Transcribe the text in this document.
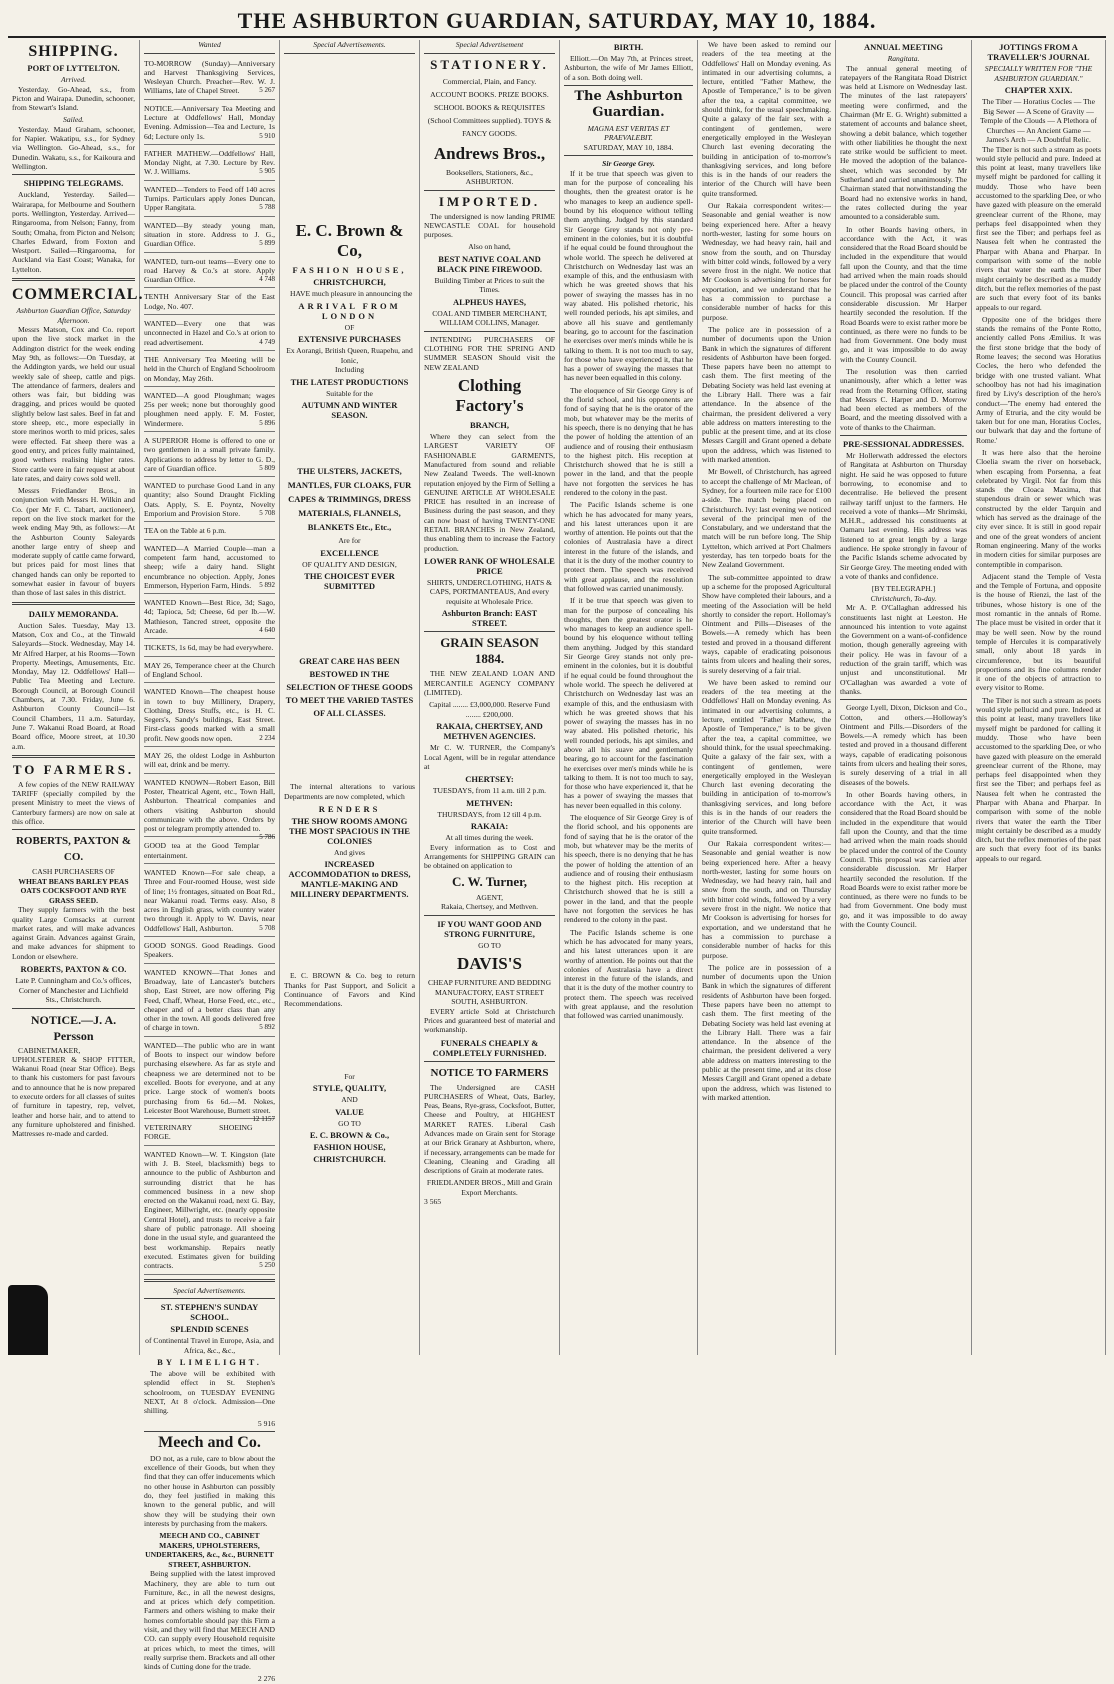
THE ASHBURTON GUARDIAN, SATURDAY, MAY 10, 1884.
SHIPPING.
PORT OF LYTTELTON.
Arrived.

Yesterday. Go-Ahead, s.s., from Picton and Wairapa. Dunedin, schooner, from Stewart's Island.

Sailed.

Yesterday. Maud Graham, schooner, for Napier. Wakatipu, s.s., for Sydney via Wellington. Go-Ahead, s.s., for Dunedin. Wakatu, s.s., for Kaikoura and Wellington.

SHIPPING TELEGRAMS.

Auckland, Yesterday. Sailed—Wairarapa, for Melbourne and Southern ports. Wellington, Yesterday. Arrived—Ringarooma, from Nelson; Fanny, from South; Omaha, from Picton and Nelson; Charles Edward, from Foxton and Westport. Sailed—Ringarooma, for Auckland via East Coast; Wanaka, for Lyttelton.

COMMERCIAL.
Ashburton Guardian Office, Saturday Afternoon.

Messrs Matson, Cox and Co. report upon the live stock market in the Addington district for the week ending May 9th, as follows:—On Tuesday, at the Addington yards, we held our usual weekly sale of sheep, cattle and pigs. The attendance of farmers, dealers and others was fair, but bidding was dragging, and prices would be quoted slightly below last sales. Beef in fat and store sheep, etc., more especially in store merinos worth to mid prices, sales were effected. Fat sheep there was a good entry, and prices fully maintained, good wethers realising higher rates. Store cattle were in fair request at about late rates, and dairy cows sold well.

Messrs Friedlander Bros., in conjunction with Messrs H. Wilkin and Co. (per Mr F. C. Tabart, auctioneer), report on the live stock market for the week ending May 9th, as follows:—At the Ashburton County Saleyards another large entry of sheep and moderate supply of cattle came forward, but prices paid for most lines that changed hands can only be reported to somewhat easier in favour of buyers than those of last sales in this district.

DAILY MEMORANDA.

Auction Sales. Tuesday, May 13. Matson, Cox and Co., at the Tinwald Saleyards—Stock. Wednesday, May 14. Mr Alfred Harper, at his Rooms—Town Property. Meetings, Amusements, Etc. Monday, May 12. Oddfellows' Hall—Public Tea Meeting and Lecture. Borough Council, at Borough Council Chambers, at 7.30. Friday, June 6. Ashburton County Council—1st Council Chambers, 11 a.m. Saturday, June 7. Wakanui Road Board, at Road Board office, Moore street, at 10.30 a.m.

TO FARMERS.

A few copies of the NEW RAILWAY TARIFF (specially compiled by the present Ministry to meet the views of Canterbury farmers) are now on sale at this office.

ROBERTS, PAXTON & CO.
CASH PURCHASERS OF
WHEAT BEANS BARLEY PEAS OATS COCKSFOOT AND RYE GRASS SEED.

They supply farmers with the best quality Large Cornsacks at current market rates, and will make advances against Grain. Advances against Grain, and make advances for shipment to London or elsewhere.

ROBERTS, PAXTON & CO.
Late P. Cunningham and Co.'s offices, Corner of Manchester and Lichfield Sts., Christchurch.
NOTICE.—J. A. Persson

CABINETMAKER, UPHOLSTERER & SHOP FITTER, Wakanui Road (near Star Office). Begs to thank his customers for past favours and to announce that he is now prepared to execute orders for all classes of suites of furniture in tapestry, rep, velvet, leather and horse hair, and to attend to any furniture upholstered and finished. Mattresses re-made and carded.

Wanted
TO-MORROW (Sunday)—Anniversary and Harvest Thanksgiving Services, Wesleyan Church. Preacher—Rev. W. J. Williams, late of Chapel Street.	5 267
NOTICE.—Anniversary Tea Meeting and Lecture at Oddfellows' Hall, Monday Evening. Admission—Tea and Lecture, 1s 6d; Lecture only 1s.	5 910
FATHER MATHEW.—Oddfellows' Hall, Monday Night, at 7.30. Lecture by Rev. W. J. Williams.	5 905
WANTED—Tenders to Feed off 140 acres Turnips. Particulars apply Jones Duncan, Upper Rangitata.	5 788
WANTED—By steady young man, situation in store. Address to J. G., Guardian Office.	5 899
WANTED, turn-out teams—Every one to road Harvey & Co.'s at store. Apply Guardian Office.	4 748
TENTH Anniversary Star of the East Lodge, No. 407.
WANTED—Every one that was unconnected in Hazel and Co.'s at orion to read advertisement.	4 749
THE Anniversary Tea Meeting will be held in the Church of England Schoolroom on Monday, May 26th.
WANTED—A good Ploughman; wages 25s per week; none but thoroughly good ploughmen need apply. F. M. Foster, Windermere.	5 896
A SUPERIOR Home is offered to one or two gentlemen in a small private family. Applications to address by letter to G. D., care of Guardian office.	5 809
WANTED to purchase Good Land in any quantity; also Sound Draught Fickling Oats. Apply, S. E. Poyntz, Novelty Emporium and Provision Store.	5 708
TEA on the Table at 6 p.m.
WANTED—A Married Couple—man a competent farm hand, accustomed to sheep; wife a dairy hand. Slight encumbrance no objection. Apply, Jones Emmerson, Hyperion Farm, Hinds. 5 892
WANTED Known—Best Rice, 3d; Sago, 4d; Tapioca, 5d; Cheese, 6d per lb.—W. Mathieson, Tancred street, opposite the Arcade.	4 640
TICKETS, 1s 6d, may be had everywhere.
MAY 26, Temperance cheer at the Church of England School.
WANTED Known—The cheapest house in town to buy Millinery, Drapery, Clothing, Dress Stuffs, etc., is H. C. Segers's, Sandy's buildings, East Street. First-class goods marked with a small profit. New goods now open.	2 234
MAY 26, the oldest Lodge in Ashburton will eat, drink and be merry.
WANTED KNOWN—Robert Eason, Bill Poster, Theatrical Agent, etc., Town Hall, Ashburton. Theatrical companies and others visiting Ashburton should communicate with the above. Orders by post or telegram promptly attended to.
5 786
GOOD tea at the Good Templar entertainment.
WANTED Known—For sale cheap, a Three and Four-roomed House, west side of line; 1½ frontages, situated on Boat Rd., near Wakanui road. Terms easy. Also, 8 acres in English grass, with country water two through it. Apply to W. Davis, near Oddfellows' Hall, Ashburton.	5 708
GOOD SONGS. Good Readings. Good Speakers.
WANTED KNOWN—That Jones and Broadway, late of Lancaster's butchers shop, East Street, are now offering Pig Feed, Chaff, Wheat, Horse Feed, etc., etc., cheaper and of a better class than any other in the town. All goods delivered free of charge in town.	5 892
WANTED—The public who are in want of Boots to inspect our window before purchasing elsewhere. As far as style and cheapness we are determined not to be excelled. Boots for everyone, and at any price. Large stock of women's boots purchasing from 6s 6d.—M. Nokes, Leicester Boot Warehouse, Burnett street.
12 1157
VETERINARY SHOEING FORGE.
WANTED Known—W. T. Kingston (late with J. B. Steel, blacksmith) begs to announce to the public of Ashburton and surrounding district that he has commenced business in a new shop erected on the Wakanui road, next G. Bay, Engineer, Millwright, etc. (nearly opposite Central Hotel), and trusts to receive a fair share of public patronage. All shoeing done in the usual style, and guaranteed the best workmanship. Repairs neatly executed. Estimates given for building contracts.	5 250
Special Advertisements.
ST. STEPHEN'S SUNDAY SCHOOL.
SPLENDID SCENES
of Continental Travel in Europe, Asia, and Africa, &c., &c.,
BY LIMELIGHT.

The above will be exhibited with splendid effect in St. Stephen's schoolroom, on TUESDAY EVENING NEXT, At 8 o'clock. Admission—One shilling.

5 916
Meech and Co.

DO not, as a rule, care to blow about the excellence of their Goods, but when they find that they can offer inducements which no other house in Ashburton can possibly do, they feel justified in making this known to the general public, and will show they will be studying their own interests by purchasing from the makers.

MEECH AND CO., CABINET MAKERS, UPHOLSTERERS, UNDERTAKERS, &c., &c., BURNETT STREET, ASHBURTON.

Being supplied with the latest improved Machinery, they are able to turn out Furniture, &c., in all the newest designs, and at prices which defy competition. Farmers and others wishing to make their homes comfortable should pay this Firm a visit, and they will find that MEECH AND CO. can supply every Household requisite at prices which, to meet the times, will really surprise them. Brackets and all other kinds of Cutting done for the trade.

2 276
Special Advertisements.
E. C. Brown & Co,
FASHION HOUSE,
CHRISTCHURCH,

HAVE much pleasure in announcing the

ARRIVAL FROM LONDON
OF
EXTENSIVE PURCHASES
Ex Aorangi, British Queen, Ruapehu, and Ionic,
Including
THE LATEST PRODUCTIONS
Suitable for the
AUTUMN AND WINTER SEASON.
THE ULSTERS, JACKETS, MANTLES, FUR CLOAKS, FUR CAPES & TRIMMINGS, DRESS MATERIALS, FLANNELS, BLANKETS Etc., Etc.,
Are for
EXCELLENCE
OF QUALITY AND DESIGN,
THE CHOICEST EVER SUBMITTED
GREAT CARE HAS BEEN BESTOWED IN THE SELECTION OF THESE GOODS TO MEET THE VARIED TASTES OF ALL CLASSES.

The internal alterations to various Departments are now completed, which

RENDERS
THE SHOW ROOMS AMONG THE MOST SPACIOUS IN THE COLONIES
And gives
INCREASED ACCOMMODATION to DRESS, MANTLE-MAKING AND MILLINERY DEPARTMENTS.

E. C. BROWN & Co. beg to return Thanks for Past Support, and Solicit a Continuance of Favors and Kind Recommendations.

For
STYLE, QUALITY,
AND
VALUE
GO TO
E. C. BROWN & Co.,
FASHION HOUSE,
CHRISTCHURCH.
Special Advertisement
STATIONERY.
Commercial, Plain, and Fancy. ACCOUNT BOOKS. PRIZE BOOKS. SCHOOL BOOKS & REQUISITES (School Committees supplied). TOYS & FANCY GOODS.
Andrews Bros.,
Booksellers, Stationers, &c., ASHBURTON.
IMPORTED.

The undersigned is now landing PRIME NEWCASTLE COAL for household purposes.

Also on hand,
BEST NATIVE COAL AND BLACK PINE FIREWOOD.
Building Timber at Prices to suit the Times.
ALPHEUS HAYES,
COAL AND TIMBER MERCHANT, WILLIAM COLLINS, Manager.

INTENDING PURCHASERS OF CLOTHING FOR THE SPRING AND SUMMER SEASON Should visit the NEW ZEALAND

Clothing Factory's
BRANCH,

Where they can select from the LARGEST VARIETY OF FASHIONABLE GARMENTS, Manufactured from sound and reliable New Zealand Tweeds. The well-known reputation enjoyed by the Firm of Selling a GENUINE ARTICLE AT WHOLESALE PRICE has resulted in an increase of Business during the past season, and they can now boast of having TWENTY-ONE RETAIL BRANCHES in New Zealand, thus enabling them to increase the Factory production.

LOWER RANK OF WHOLESALE PRICE
SHIRTS, UNDERCLOTHING, HATS & CAPS, PORTMANTEAUS, And every requisite at Wholesale Price.
Ashburton Branch: EAST STREET.
GRAIN SEASON 1884.

THE NEW ZEALAND LOAN AND MERCANTILE AGENCY COMPANY (LIMITED).

Capital ........ £3,000,000. Reserve Fund ........ £200,000.
RAKAIA, CHERTSEY, AND METHVEN AGENCIES.

Mr C. W. TURNER, the Company's Local Agent, will be in regular attendance at

CHERTSEY:
TUESDAYS, from 11 a.m. till 2 p.m.
METHVEN:
THURSDAYS, from 12 till 4 p.m.
RAKAIA:
At all times during the week.

Every information as to Cost and Arrangements for SHIPPING GRAIN can be obtained on application to

C. W. Turner,
AGENT,
Rakaia, Chertsey, and Methven.
IF YOU WANT GOOD AND STRONG FURNITURE,
GO TO
DAVIS'S
CHEAP FURNITURE AND BEDDING MANUFACTORY, EAST STREET SOUTH, ASHBURTON.

EVERY article Sold at Christchurch Prices and guaranteed best of material and workmanship.

FUNERALS CHEAPLY & COMPLETELY FURNISHED.
NOTICE TO FARMERS

The Undersigned are CASH PURCHASERS of Wheat, Oats, Barley, Peas, Beans, Rye-grass, Cocksfoot, Butter, Cheese and Poultry, at HIGHEST MARKET RATES. Liberal Cash Advances made on Grain sent for Storage at our Brick Granary at Ashburton, where, if necessary, arrangements can be made for Cleaning, Cleaning and Grading all descriptions of Grain at moderate rates.

FRIEDLANDER BROS., Mill and Grain Export Merchants.
3 565
BIRTH.

Elliott.—On May 7th, at Princes street, Ashburton, the wife of Mr James Elliott, of a son. Both doing well.

The Ashburton Guardian.
MAGNA EST VERITAS ET PRAEVALEBIT.
SATURDAY, MAY 10, 1884.
Sir George Grey.

If it be true that speech was given to man for the purpose of concealing his thoughts, then the greatest orator is he who manages to keep an audience spell-bound by his eloquence without telling them anything. Judged by this standard Sir George Grey stands not only pre-eminent in the colonies, but it is doubtful if he equal could be found throughout the whole world. The speech he delivered at Christchurch on Wednesday last was an example of this, and the enthusiasm with which he was greeted shows that his power of swaying the masses has in no way abated. His polished rhetoric, his well rounded periods, his apt similes, and above all his suave and gentlemanly bearing, go to account for the fascination he exercises over men's minds while he is talking to them. It is not too much to say, for those who have experienced it, that he has a power of swaying the masses that has never been equalled in this colony.

The eloquence of Sir George Grey is of the florid school, and his opponents are fond of saying that he is the orator of the mob, but whatever may be the merits of his speech, there is no denying that he has the power of holding the attention of an audience and of rousing their enthusiasm to the highest pitch. His reception at Christchurch showed that he is still a power in the land, and that the people have not forgotten the services he has rendered to the colony in the past.

The Pacific Islands scheme is one which he has advocated for many years, and his latest utterances upon it are worthy of attention. He points out that the colonies of Australasia have a direct interest in the future of the islands, and that it is the duty of the mother country to protect them. The speech was received with great applause, and the resolution that followed was carried unanimously.

If it be true that speech was given to man for the purpose of concealing his thoughts, then the greatest orator is he who manages to keep an audience spell-bound by his eloquence without telling them anything. Judged by this standard Sir George Grey stands not only pre-eminent in the colonies, but it is doubtful if he equal could be found throughout the whole world. The speech he delivered at Christchurch on Wednesday last was an example of this, and the enthusiasm with which he was greeted shows that his power of swaying the masses has in no way abated. His polished rhetoric, his well rounded periods, his apt similes, and above all his suave and gentlemanly bearing, go to account for the fascination he exercises over men's minds while he is talking to them. It is not too much to say, for those who have experienced it, that he has a power of swaying the masses that has never been equalled in this colony.

The eloquence of Sir George Grey is of the florid school, and his opponents are fond of saying that he is the orator of the mob, but whatever may be the merits of his speech, there is no denying that he has the power of holding the attention of an audience and of rousing their enthusiasm to the highest pitch. His reception at Christchurch showed that he is still a power in the land, and that the people have not forgotten the services he has rendered to the colony in the past.

The Pacific Islands scheme is one which he has advocated for many years, and his latest utterances upon it are worthy of attention. He points out that the colonies of Australasia have a direct interest in the future of the islands, and that it is the duty of the mother country to protect them. The speech was received with great applause, and the resolution that followed was carried unanimously.

We have been asked to remind our readers of the tea meeting at the Oddfellows' Hall on Monday evening. As intimated in our advertising columns, a lecture, entitled "Father Mathew, the Apostle of Temperance," is to be given after the tea, a capital committee, we should think, for the usual speechmaking. Quite a galaxy of the fair sex, with a contingent of gentlemen, were energetically employed in the Wesleyan Church last evening decorating the building in anticipation of to-morrow's thanksgiving services, and long before this is in the hands of our readers the interior of the Church will have been quite transformed.

Our Rakaia correspondent writes:—Seasonable and genial weather is now being experienced here. After a heavy north-wester, lasting for some hours on Wednesday, we had heavy rain, hail and snow from the south, and on Thursday with bitter cold winds, followed by a very severe frost in the night. We notice that Mr Cookson is advertising for horses for exportation, and we understand that he has a commission to purchase a considerable number of hacks for this purpose.

The police are in possession of a number of documents upon the Union Bank in which the signatures of different residents of Ashburton have been forged. These papers have been no attempt to cash them. The first meeting of the Debating Society was held last evening at the Library Hall. There was a fair attendance. In the absence of the chairman, the president delivered a very able address on matters interesting to the public at the present time, and at its close Messrs Cargill and Grant opened a debate upon the address, which was listened to with marked attention.

Mr Bowell, of Christchurch, has agreed to accept the challenge of Mr Maclean, of Sydney, for a fourteen mile race for £100 a-side. The match being placed on Christchurch. Ivy: last evening we noticed several of the principal men of the Constabulary, and we understand that the match will be run before long. The Ship Lyttelton, which arrived at Port Chalmers yesterday, has ten torpedo boats for the New Zealand Government.

The sub-committee appointed to draw up a scheme for the proposed Agricultural Show have completed their labours, and a meeting of the Association will be held shortly to consider the report. Hollomay's Ointment and Pills—Diseases of the Bowels.—A remedy which has been tested and proved in a thousand different ways, capable of eradicating poisonous taints from ulcers and healing their sores, is surely deserving of a fair trial.

We have been asked to remind our readers of the tea meeting at the Oddfellows' Hall on Monday evening. As intimated in our advertising columns, a lecture, entitled "Father Mathew, the Apostle of Temperance," is to be given after the tea, a capital committee, we should think, for the usual speechmaking. Quite a galaxy of the fair sex, with a contingent of gentlemen, were energetically employed in the Wesleyan Church last evening decorating the building in anticipation of to-morrow's thanksgiving services, and long before this is in the hands of our readers the interior of the Church will have been quite transformed.

Our Rakaia correspondent writes:—Seasonable and genial weather is now being experienced here. After a heavy north-wester, lasting for some hours on Wednesday, we had heavy rain, hail and snow from the south, and on Thursday with bitter cold winds, followed by a very severe frost in the night. We notice that Mr Cookson is advertising for horses for exportation, and we understand that he has a commission to purchase a considerable number of hacks for this purpose.

The police are in possession of a number of documents upon the Union Bank in which the signatures of different residents of Ashburton have been forged. These papers have been no attempt to cash them. The first meeting of the Debating Society was held last evening at the Library Hall. There was a fair attendance. In the absence of the chairman, the president delivered a very able address on matters interesting to the public at the present time, and at its close Messrs Cargill and Grant opened a debate upon the address, which was listened to with marked attention.

ANNUAL MEETING
Rangitata.

The annual general meeting of ratepayers of the Rangitata Road District was held at Lismore on Wednesday last. The minutes of the last ratepayers' meeting were confirmed, and the Chairman (Mr E. G. Wright) submitted a statement of accounts and balance sheet, showing a debit balance, which together with other liabilities he thought the next rate strike would be sufficient to meet. He moved the adoption of the balance-sheet, which was seconded by Mr Sutherland and carried unanimously. The Chairman stated that notwithstanding the Board had no extensive works in hand, the rates collected during the year amounted to a considerable sum.

In other Boards having others, in accordance with the Act, it was considered that the Road Board should be included in the expenditure that would fall upon the County, and that the time had arrived when the main roads should be placed under the control of the County Council. This proposal was carried after considerable discussion. Mr Harper heartily seconded the resolution. If the Road Boards were to exist rather more be continued, as there were no funds to be had from Government. One body must go, and it was impossible to do away with the County Council.

The resolution was then carried unanimously, after which a letter was read from the Returning Officer, stating that Messrs C. Harper and D. Morrow had been elected as members of the Board, and the meeting dissolved with a vote of thanks to the Chairman.

PRE-SESSIONAL ADDRESSES.

Mr Hollerwath addressed the electors of Rangitata at Ashburton on Thursday night. He said he was opposed to future borrowing, to economise and to decentralise. He believed the present railway tariff unjust to the farmers. He received a vote of thanks—Mr Shrimski, M.H.R., addressed his constituents at Oamaru last evening. His address was listened to at great length by a large audience. He spoke strongly in favour of the Pacific Islands scheme advocated by Sir George Grey. The meeting ended with a vote of thanks and confidence.

[BY TELEGRAPH.]
Christchurch, To-day.

Mr A. P. O'Callaghan addressed his constituents last night at Leeston. He announced his intention to vote against the Government on a want-of-confidence motion, though generally agreeing with their policy. He was in favour of a reduction of the grain tariff, which was unjust and unconstitutional. Mr O'Callaghan was awarded a vote of thanks.

George Lyell, Dixon, Dickson and Co., Cotton, and others.—Holloway's Ointment and Pills.—Disorders of the Bowels.—A remedy which has been tested and proved in a thousand different ways, capable of eradicating poisonous taints from ulcers and healing their sores, is surely deserving of a trial in all diseases of the bowels.

In other Boards having others, in accordance with the Act, it was considered that the Road Board should be included in the expenditure that would fall upon the County, and that the time had arrived when the main roads should be placed under the control of the County Council. This proposal was carried after considerable discussion. Mr Harper heartily seconded the resolution. If the Road Boards were to exist rather more be continued, as there were no funds to be had from Government. One body must go, and it was impossible to do away with the County Council.

JOTTINGS FROM A TRAVELLER'S JOURNAL
SPECIALLY WRITTEN FOR "THE ASHBURTON GUARDIAN."
CHAPTER XXIX.
The Tiber — Horatius Cocles — The Big Sewer — A Scene of Gravity — Temple of the Clouds — A Plethora of Churches — An Ancient Game — James's Arch — A Doubtful Relic.

The Tiber is not such a stream as poets would style pellucid and pure. Indeed at this point at least, many travellers like myself might be pardoned for calling it muddy. Those who have been accustomed to the sparkling Dee, or who have gazed with pleasure on the emerald greenclear current of the Rhone, may perhaps feel disappointed when they first see the Tiber; and perhaps feel as Nausea felt when he contrasted the Pharpar with Abana and Pharpar. In comparison with some of the noble rivers that water the earth the Tiber might certainly be described as a muddy ditch, but the reflex memories of the past are such that every foot of its banks appeals to our regard.

Opposite one of the bridges there stands the remains of the Ponte Rotto, anciently called Pons Æmilius. It was the first stone bridge that the body of Rome leaves; the second was Horatius Cocles, the hero who defended the bridge with one trusted valiant. What schoolboy has not had his imagination fired by Livy's description of the hero's conduct—'The enemy had entered the Army of Etruria, and the city would be taken but for one man, Horatius Cocles, our bulwark that day and the fortune of Rome.'

It was here also that the heroine Cloelia swam the river on horseback, when escaping from Porsenna, a feat celebrated by Virgil. Not far from this stands the Cloaca Maxima, that stupendous drain or sewer which was constructed by the elder Tarquin and which has served as the drainage of the city ever since. It is still in good repair and one of the great wonders of ancient Roman engineering. Many of the works in modern cities for similar purposes are contemptible in comparison.

Adjacent stand the Temple of Vesta and the Temple of Fortuna, and opposite is the house of Rienzi, the last of the tribunes, whose history is one of the most romantic in the annals of Rome. The place must be visited in order that it may be well seen. Now by the round temple of Hercules it is comparatively small, only about 18 yards in circumference, but its beautiful proportions and its fine columns render it one of the objects of attraction to every visitor to Rome.

The Tiber is not such a stream as poets would style pellucid and pure. Indeed at this point at least, many travellers like myself might be pardoned for calling it muddy. Those who have been accustomed to the sparkling Dee, or who have gazed with pleasure on the emerald greenclear current of the Rhone, may perhaps feel disappointed when they first see the Tiber; and perhaps feel as Nausea felt when he contrasted the Pharpar with Abana and Pharpar. In comparison with some of the noble rivers that water the earth the Tiber might certainly be described as a muddy ditch, but the reflex memories of the past are such that every foot of its banks appeals to our regard.
